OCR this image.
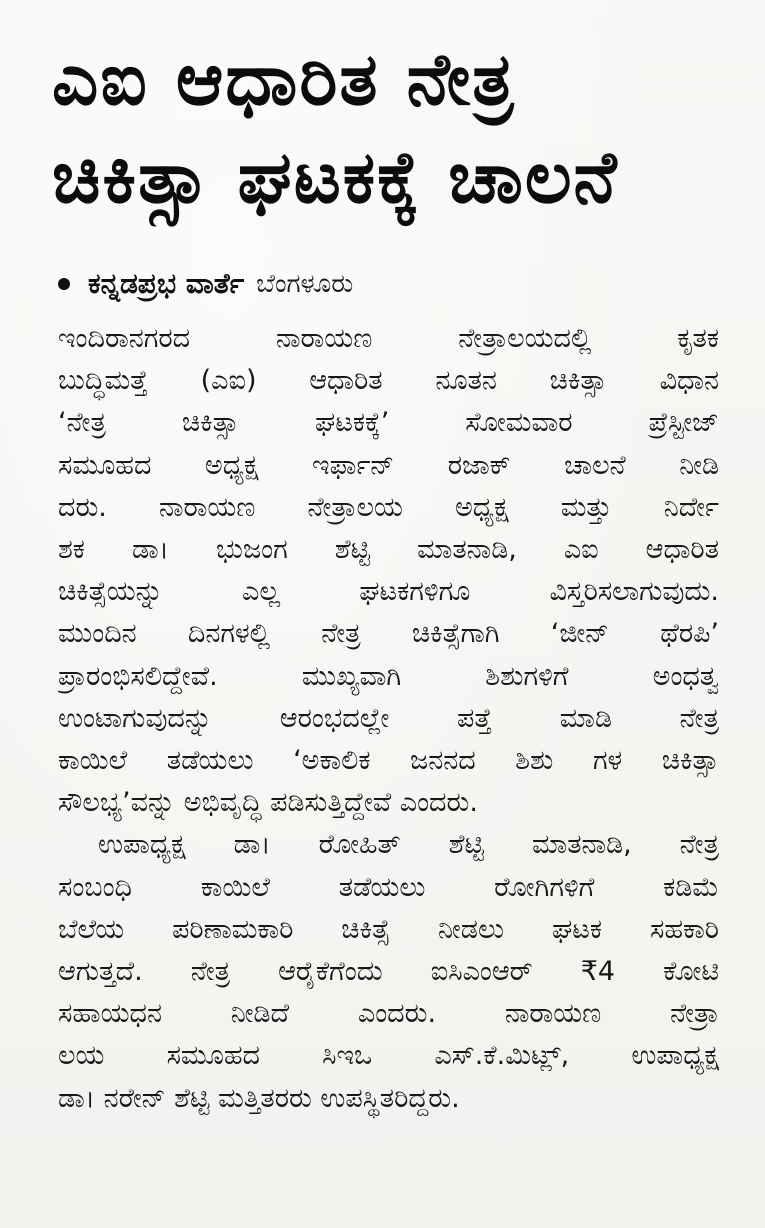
ಎಐ ಆಧಾರಿತ ನೇತ್ರ
ಚಿಕಿತ್ಸಾ ಘಟಕಕ್ಕೆ ಚಾಲನೆ
ಕನ್ನಡಪ್ರಭ ವಾರ್ತೆ ಬೆಂಗಳೂರು
ಇಂದಿರಾನಗರದ ನಾರಾಯಣ ನೇತ್ರಾಲಯದಲ್ಲಿ ಕೃತಕ
ಬುದ್ಧಿಮತ್ತೆ (ಎಐ) ಆಧಾರಿತ ನೂತನ ಚಿಕಿತ್ಸಾ ವಿಧಾನ
‘ನೇತ್ರ ಚಿಕಿತ್ಸಾ ಘಟಕಕ್ಕೆ’ ಸೋಮವಾರ ಪ್ರೆಸ್ಟೀಜ್
ಸಮೂಹದ ಅಧ್ಯಕ್ಷ ಇರ್ಫಾನ್ ರಜಾಕ್ ಚಾಲನೆ ನೀಡಿ
ದರು. ನಾರಾಯಣ ನೇತ್ರಾಲಯ ಅಧ್ಯಕ್ಷ ಮತ್ತು ನಿರ್ದೇ
ಶಕ ಡಾ। ಭುಜಂಗ ಶೆಟ್ಟಿ ಮಾತನಾಡಿ, ಎಐ ಆಧಾರಿತ
ಚಿಕಿತ್ಸೆಯನ್ನು ಎಲ್ಲ ಘಟಕಗಳಿಗೂ ವಿಸ್ತರಿಸಲಾಗುವುದು.
ಮುಂದಿನ ದಿನಗಳಲ್ಲಿ ನೇತ್ರ ಚಿಕಿತ್ಸೆಗಾಗಿ ‘ಜೀನ್ ಥೆರಪಿ’
ಪ್ರಾರಂಭಿಸಲಿದ್ದೇವೆ. ಮುಖ್ಯವಾಗಿ ಶಿಶುಗಳಿಗೆ ಅಂಧತ್ವ
ಉಂಟಾಗುವುದನ್ನು ಆರಂಭದಲ್ಲೇ ಪತ್ತೆ ಮಾಡಿ ನೇತ್ರ
ಕಾಯಿಲೆ ತಡೆಯಲು ‘ಅಕಾಲಿಕ ಜನನದ ಶಿಶು ಗಳ ಚಿಕಿತ್ಸಾ
ಸೌಲಭ್ಯ’ವನ್ನು ಅಭಿವೃದ್ಧಿ ಪಡಿಸುತ್ತಿದ್ದೇವೆ ಎಂದರು.
ಉಪಾಧ್ಯಕ್ಷ ಡಾ। ರೋಹಿತ್ ಶೆಟ್ಟಿ ಮಾತನಾಡಿ, ನೇತ್ರ
ಸಂಬಂಧಿ ಕಾಯಿಲೆ ತಡೆಯಲು ರೋಗಿಗಳಿಗೆ ಕಡಿಮೆ
ಬೆಲೆಯ ಪರಿಣಾಮಕಾರಿ ಚಿಕಿತ್ಸೆ ನೀಡಲು ಘಟಕ ಸಹಕಾರಿ
ಆಗುತ್ತದೆ. ನೇತ್ರ ಆರೈಕೆಗೆಂದು ಐಸಿಎಂಆರ್ ₹4 ಕೋಟಿ
ಸಹಾಯಧನ ನೀಡಿದೆ ಎಂದರು. ನಾರಾಯಣ ನೇತ್ರಾ
ಲಯ ಸಮೂಹದ ಸಿಇಒ ಎಸ್.ಕೆ.ಮಿಟ್ಲ್, ಉಪಾಧ್ಯಕ್ಷ
ಡಾ। ನರೇನ್ ಶೆಟ್ಟಿ ಮತ್ತಿತರರು ಉಪಸ್ಥಿತರಿದ್ದರು.
